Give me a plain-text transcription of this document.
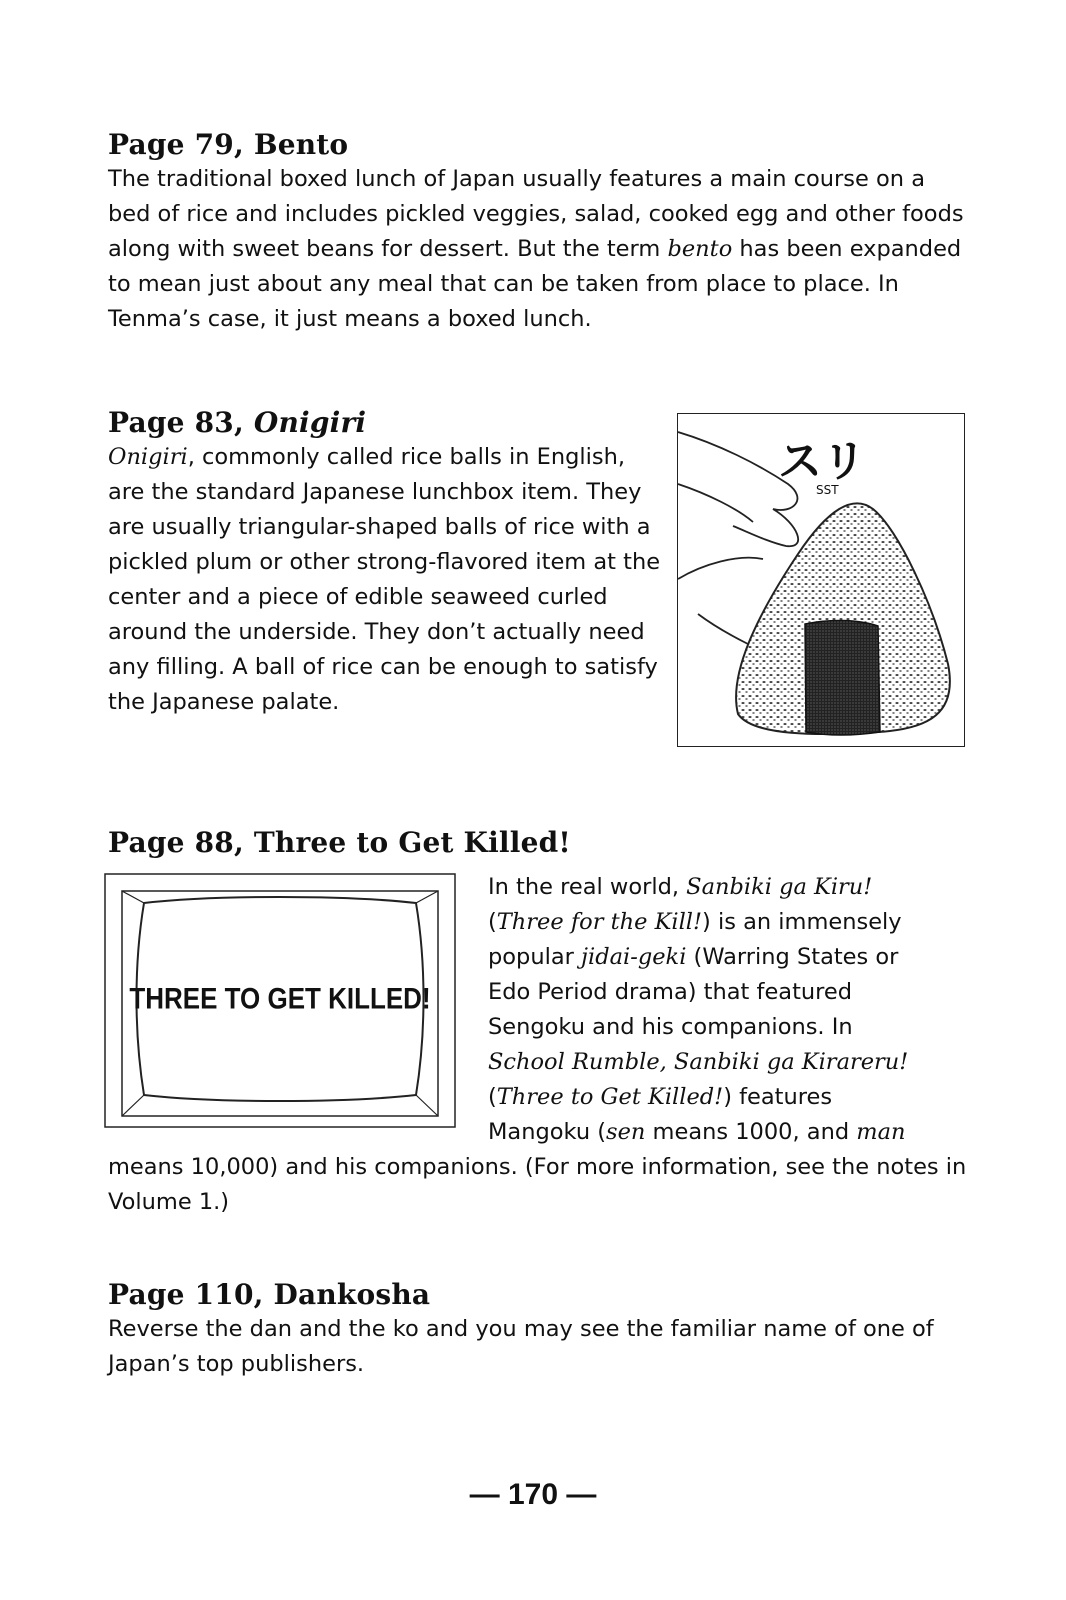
Page 79, Bento

The traditional boxed lunch of Japan usually features a main course on a bed of rice and includes pickled veggies, salad, cooked egg and other foods along with sweet beans for dessert. But the term bento has been expanded to mean just about any meal that can be taken from place to place. In Tenma’s case, it just means a boxed lunch.

Page 83, Onigiri

Onigiri, commonly called rice balls in English, are the standard Japanese lunchbox item. They are usually triangular-shaped balls of rice with a pickled plum or other strong-flavored item at the center and a piece of edible seaweed curled around the underside. They don’t actually need any filling. A ball of rice can be enough to satisfy the Japanese palate.

スリ
SST
Page 88, Three to Get Killed!

In the real world, Sanbiki ga Kiru!

(Three for the Kill!) is an immensely

popular jidai-geki (Warring States or

Edo Period drama) that featured

Sengoku and his companions. In

School Rumble, Sanbiki ga Kirareru!

(Three to Get Killed!) features

Mangoku (sen means 1000, and man

means 10,000) and his companions. (For more information, see the notes in Volume 1.)

THREE TO GET KILLED!
Page 110, Dankosha

Reverse the dan and the ko and you may see the familiar name of one of Japan’s top publishers.

— 170 —
